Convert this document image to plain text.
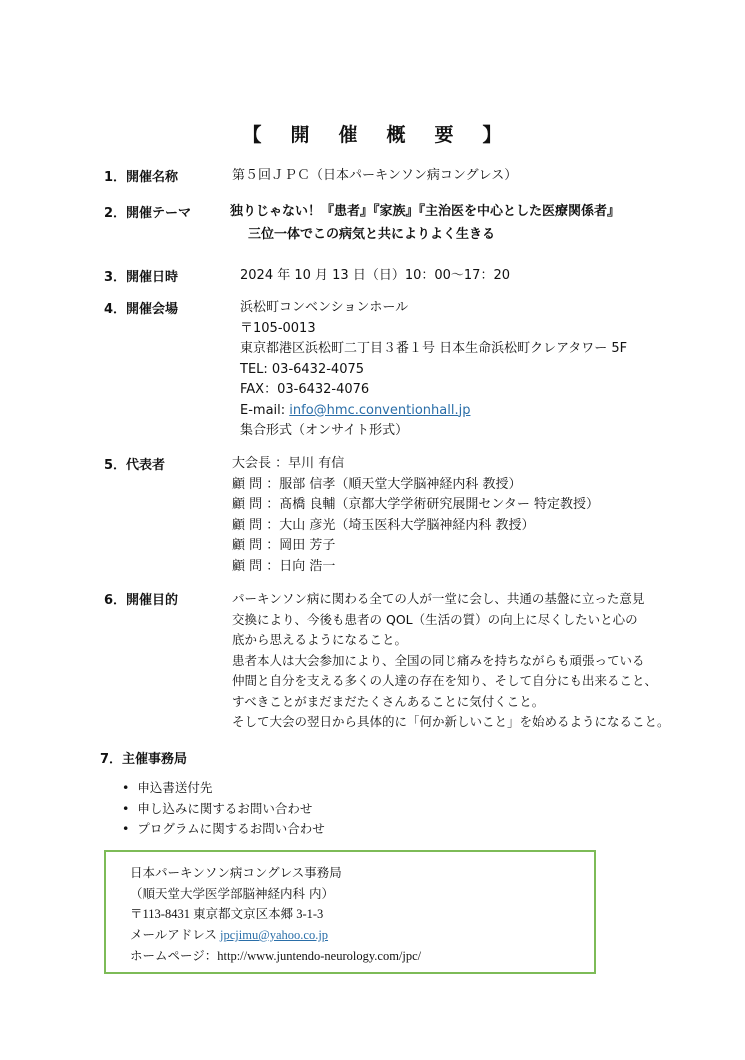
【 開 催 概 要 】
1．開催名称	第５回ＪＰＣ（日本パーキンソン病コングレス）
2．開催テーマ	独りじゃない！『患者』『家族』『主治医を中心とした医療関係者』
三位一体でこの病気と共によりよく生きる
3．開催日時	2024 年 10 月 13 日（日）10：00～17：20
4．開催会場	浜松町コンベンションホール
〒105-0013
東京都港区浜松町二丁目３番１号 日本生命浜松町クレアタワー 5F
TEL: 03-6432-4075
FAX：03-6432-4076
E-mail: info@hmc.conventionhall.jp
集合形式（オンサイト形式）
5．代表者	大会長 ：早川 有信
顧 問 ：服部 信孝（順天堂大学脳神経内科 教授）
顧 問 ：髙橋 良輔（京都大学学術研究展開センター 特定教授）
顧 問 ：大山 彦光（埼玉医科大学脳神経内科 教授）
顧 問 ：岡田 芳子
顧 問 ：日向 浩一
6．開催目的	パーキンソン病に関わる全ての人が一堂に会し、共通の基盤に立った意見
交換により、今後も患者の QOL（生活の質）の向上に尽くしたいと心の
底から思えるようになること。
患者本人は大会参加により、全国の同じ痛みを持ちながらも頑張っている
仲間と自分を支える多くの人達の存在を知り、そして自分にも出来ること、
すべきことがまだまだたくさんあることに気付くこと。
そして大会の翌日から具体的に「何か新しいこと」を始めるようになること。
7．主催事務局
• 申込書送付先
• 申し込みに関するお問い合わせ
• プログラムに関するお問い合わせ
日本パーキンソン病コングレス事務局
（順天堂大学医学部脳神経内科 内）
〒113-8431 東京都文京区本郷 3-1-3
メールアドレス jpcjimu@yahoo.co.jp
ホームページ：http://www.juntendo-neurology.com/jpc/
